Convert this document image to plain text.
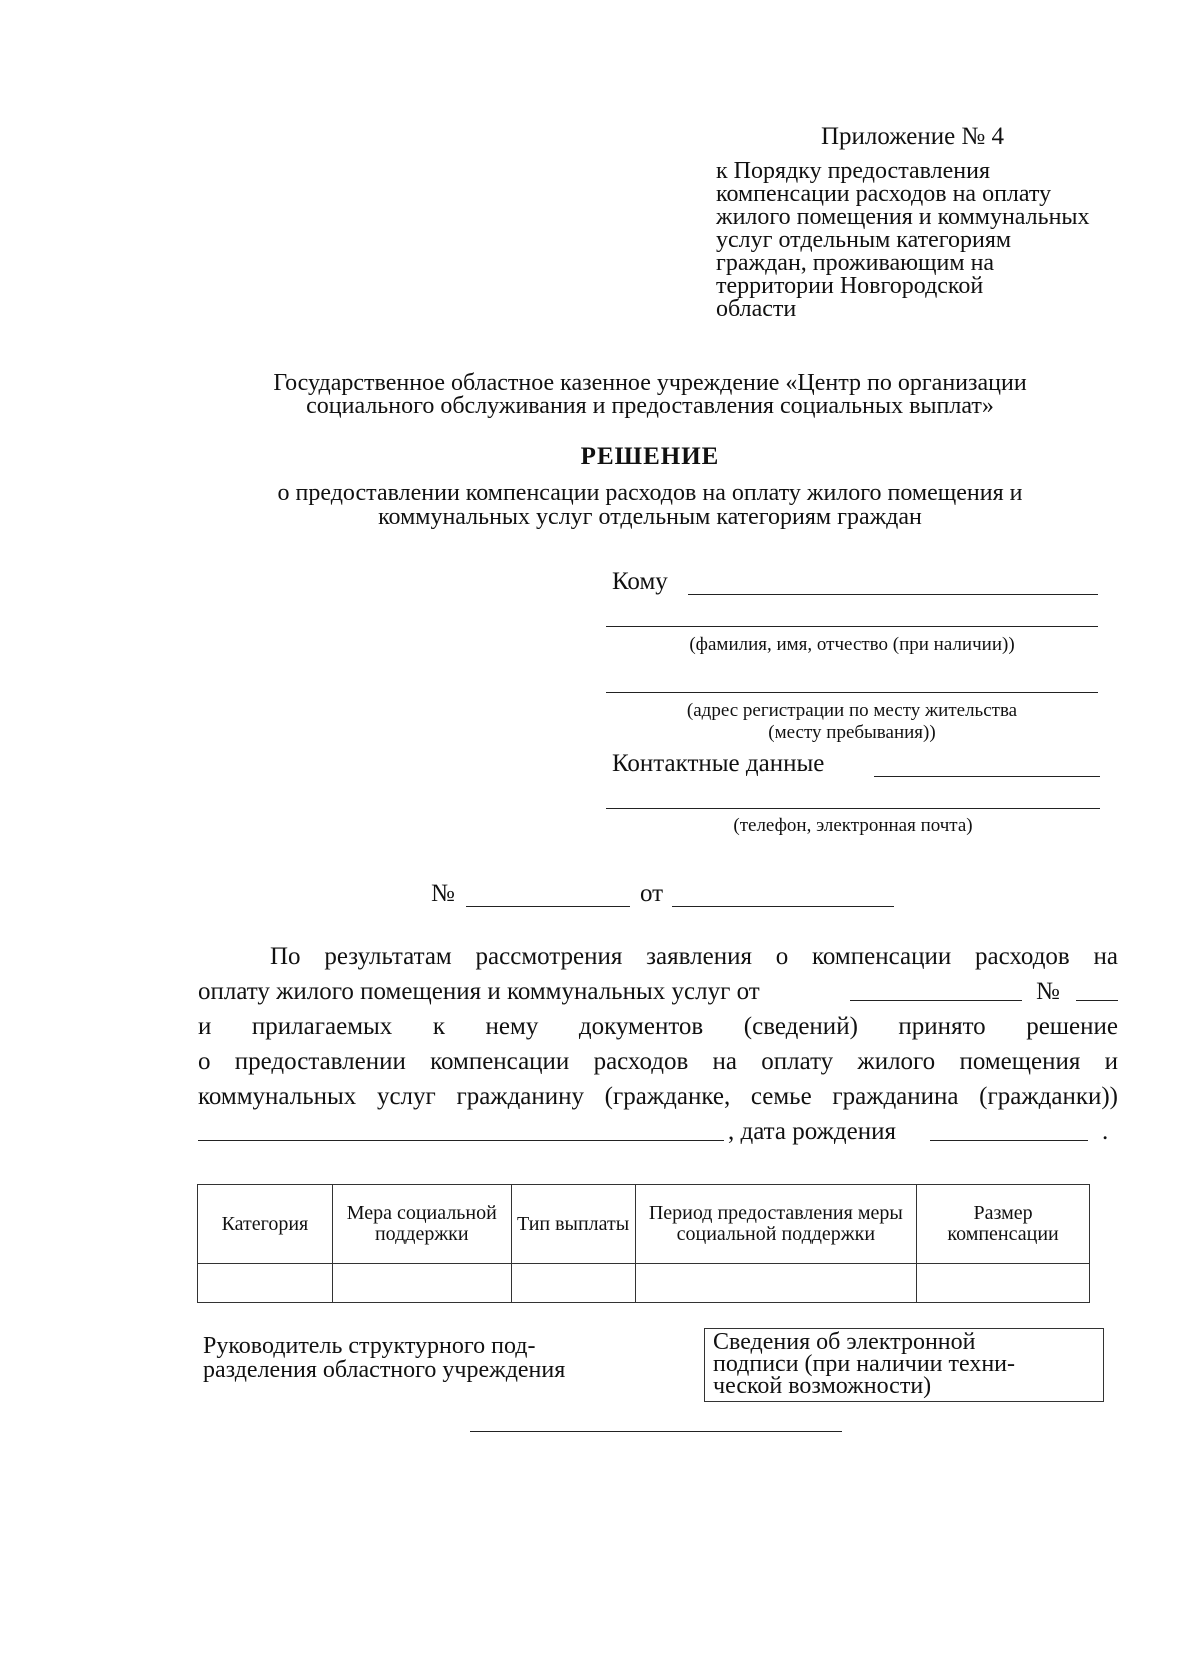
Приложение № 4
к Порядку предоставления
компенсации расходов на оплату
жилого помещения и коммунальных
услуг отдельным категориям
граждан, проживающим на
территории Новгородской
области
Государственное областное казенное учреждение «Центр по организации
социального обслуживания и предоставления социальных выплат»
РЕШЕНИЕ
о предоставлении компенсации расходов на оплату жилого помещения и
коммунальных услуг отдельным категориям граждан
Кому
(фамилия, имя, отчество (при наличии))
(адрес регистрации по месту жительства
(месту пребывания))
Контактные данные
(телефон, электронная почта)
№	от
По результатам рассмотрения заявления о компенсации расходов на
оплату жилого помещения и коммунальных услуг от	№
и прилагаемых к нему документов (сведений) принято решение
о предоставлении компенсации расходов на оплату жилого помещения и
коммунальных услуг гражданину (гражданке, семье гражданина (гражданки))
, дата рождения	.
Категория	Мера социальной поддержки	Тип выплаты	Период предоставления меры социальной поддержки	Размер компенсации

Руководитель структурного под-
разделения областного учреждения
Сведения об электронной
подписи (при наличии техни-
ческой возможности)
